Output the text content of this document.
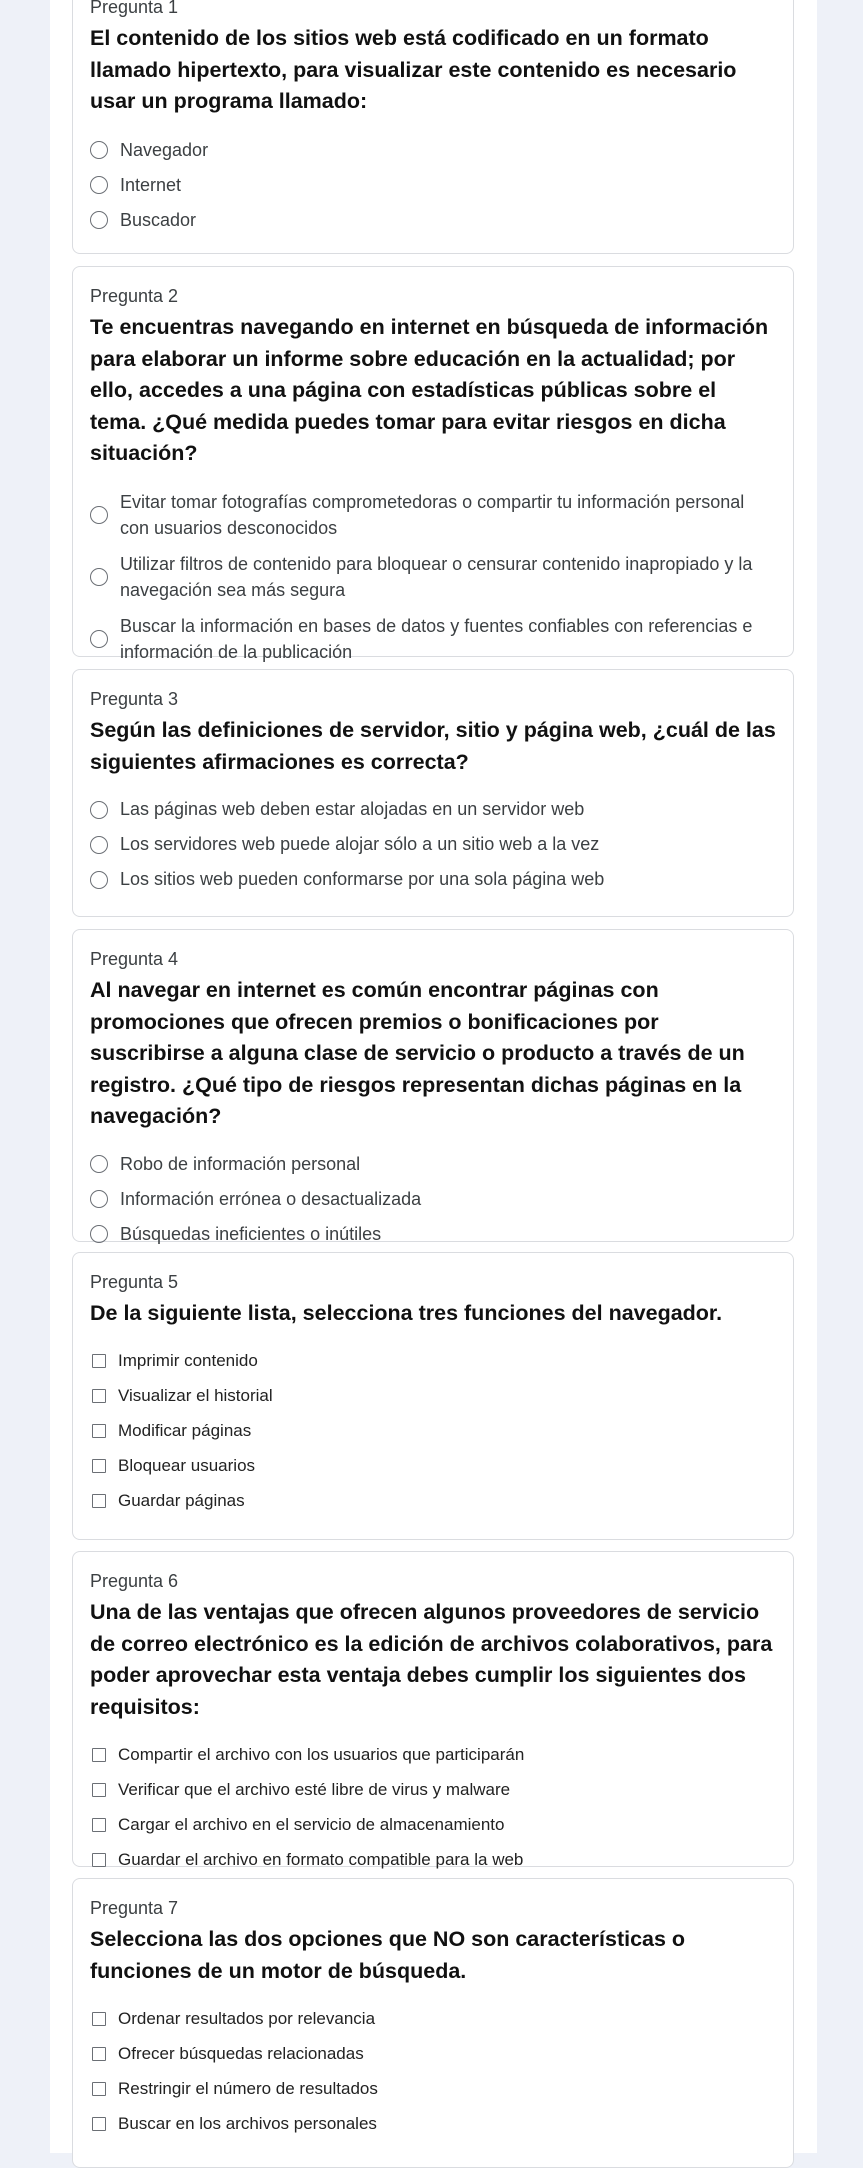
Pregunta 1
El contenido de los sitios web está codificado en un formato llamado hipertexto, para visualizar este contenido es necesario usar un programa llamado:
Navegador
Internet
Buscador
Pregunta 2
Te encuentras navegando en internet en búsqueda de información para elaborar un informe sobre educación en la actualidad; por ello, accedes a una página con estadísticas públicas sobre el tema. ¿Qué medida puedes tomar para evitar riesgos en dicha situación?
Evitar tomar fotografías comprometedoras o compartir tu información personal con usuarios desconocidos
Utilizar filtros de contenido para bloquear o censurar contenido inapropiado y la navegación sea más segura
Buscar la información en bases de datos y fuentes confiables con referencias e información de la publicación
Pregunta 3
Según las definiciones de servidor, sitio y página web, ¿cuál de las siguientes afirmaciones es correcta?
Las páginas web deben estar alojadas en un servidor web
Los servidores web puede alojar sólo a un sitio web a la vez
Los sitios web pueden conformarse por una sola página web
Pregunta 4
Al navegar en internet es común encontrar páginas con promociones que ofrecen premios o bonificaciones por suscribirse a alguna clase de servicio o producto a través de un registro. ¿Qué tipo de riesgos representan dichas páginas en la navegación?
Robo de información personal
Información errónea o desactualizada
Búsquedas ineficientes o inútiles
Pregunta 5
De la siguiente lista, selecciona tres funciones del navegador.
Imprimir contenido
Visualizar el historial
Modificar páginas
Bloquear usuarios
Guardar páginas
Pregunta 6
Una de las ventajas que ofrecen algunos proveedores de servicio de correo electrónico es la edición de archivos colaborativos, para poder aprovechar esta ventaja debes cumplir los siguientes dos requisitos:
Compartir el archivo con los usuarios que participarán
Verificar que el archivo esté libre de virus y malware
Cargar el archivo en el servicio de almacenamiento
Guardar el archivo en formato compatible para la web
Pregunta 7
Selecciona las dos opciones que NO son características o funciones de un motor de búsqueda.
Ordenar resultados por relevancia
Ofrecer búsquedas relacionadas
Restringir el número de resultados
Buscar en los archivos personales
